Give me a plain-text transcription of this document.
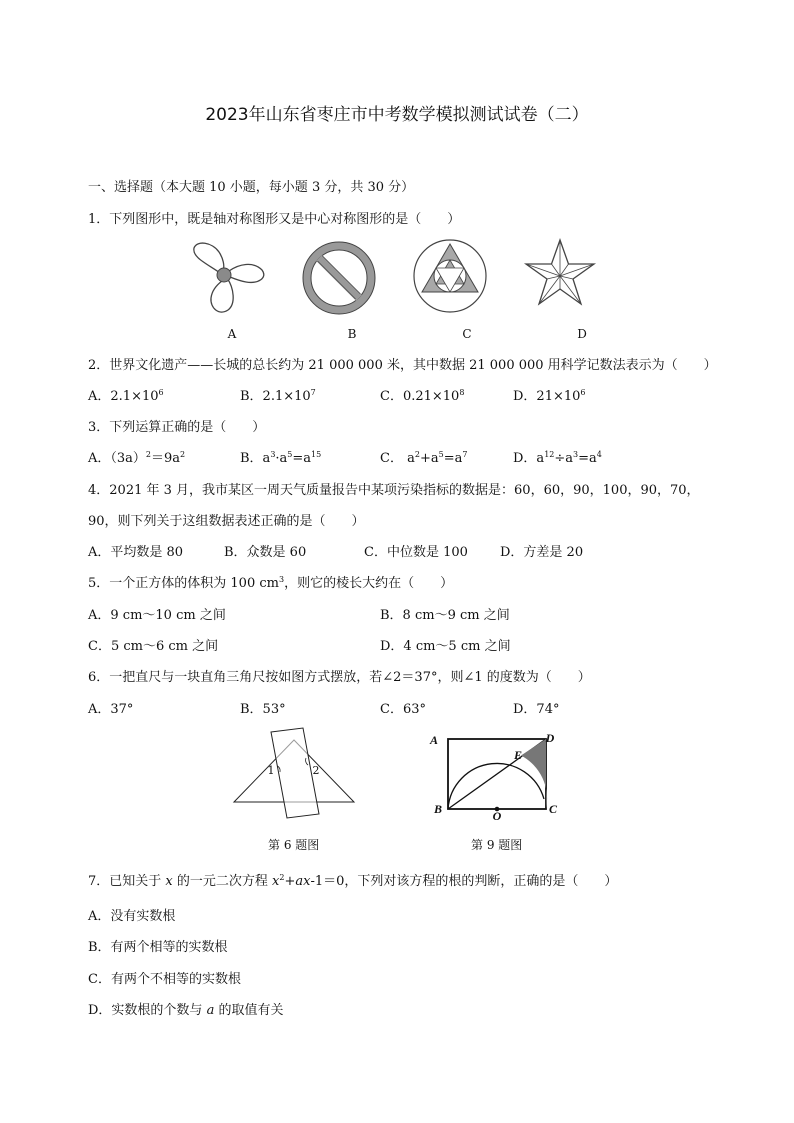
2023年山东省枣庄市中考数学模拟测试试卷（二）
一、选择题（本大题 10 小题，每小题 3 分，共 30 分）
1．下列图形中，既是轴对称图形又是中心对称图形的是（　　）
A	B	C	D
2．世界文化遗产——长城的总长约为 21 000 000 米，其中数据 21 000 000 用科学记数法表示为（　　）
A．$2.1\times 10^6$	B．$2.1\times 10^7$	C．$0.21\times 10^8$	D．$21\times 10^6$
3．下列运算正确的是（　　）
A．$(3a)^2=9a^2$	B．$a^3\cdot a^5=a^{15}$	C． $a^2+a^5=a^7$	D．$a^{12}\div a^3=a^4$
4．2021 年 3 月，我市某区一周天气质量报告中某项污染指标的数据是：60，60，90，100，90，70，
90，则下列关于这组数据表述正确的是（　　）
A．平均数是 80	B．众数是 60	C．中位数是 100 D．方差是 20
5．一个正方体的体积为 100 $cm^3$，则它的棱长大约在（　　）
A．9 cm～10 cm 之间	B．8 cm～9 cm 之间
C．5 cm～6 cm 之间	D．4 cm～5 cm 之间
6．一把直尺与一块直角三角尺按如图方式摆放，若∠2＝37°，则∠1 的度数为（　　）
A．37°	B．53°	C．63°	D．74°
1	2
第 6 题图
A	D
E
B	C
O
第 9 题图
7．已知关于 x 的一元二次方程 $x^2+ax-1=0$，下列对该方程的根的判断，正确的是（　　）
A．没有实数根
B．有两个相等的实数根
C．有两个不相等的实数根
D．实数根的个数与 a 的取值有关
